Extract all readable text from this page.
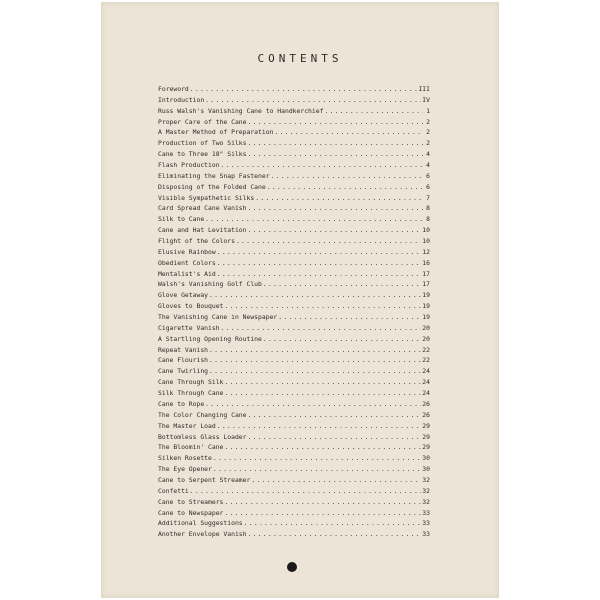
CONTENTS
Foreword . . .	III
Introduction . . .	IV
Russ Walsh's Vanishing Cane to Handkerchief . . .	1
Proper Care of the Cane . . .	2
A Master Method of Preparation . . .	2
Production of Two Silks . . .	2
Cane to Three 18" Silks . . .	4
Flash Production . . .	4
Eliminating the Snap Fastener . . .	6
Disposing of the Folded Cane . . .	6
Visible Sympathetic Silks . . .	7
Card Spread Cane Vanish . . .	8
Silk to Cane . . .	8
Cane and Hat Levitation . . .	10
Flight of the Colors . . .	10
Elusive Rainbow . . .	12
Obedient Colors . . .	16
Mentalist's Aid . . .	17
Walsh's Vanishing Golf Club . . .	17
Glove Getaway . . .	19
Gloves to Bouquet . . .	19
The Vanishing Cane in Newspaper . . .	19
Cigarette Vanish . . .	20
A Startling Opening Routine . . .	20
Repeat Vanish . . .	22
Cane Flourish . . .	22
Cane Twirling . . .	24
Cane Through Silk . . .	24
Silk Through Cane . . .	24
Cane to Rope . . .	26
The Color Changing Cane . . .	26
The Master Load . . .	29
Bottomless Glass Loader . . .	29
The Bloomin' Cane . . .	29
Silken Rosette . . .	30
The Eye Opener . . .	30
Cane to Serpent Streamer . . .	32
Confetti . . .	32
Cane to Streamers . . .	32
Cane to Newspaper . . .	33
Additional Suggestions . . .	33
Another Envelope Vanish . . .	33
